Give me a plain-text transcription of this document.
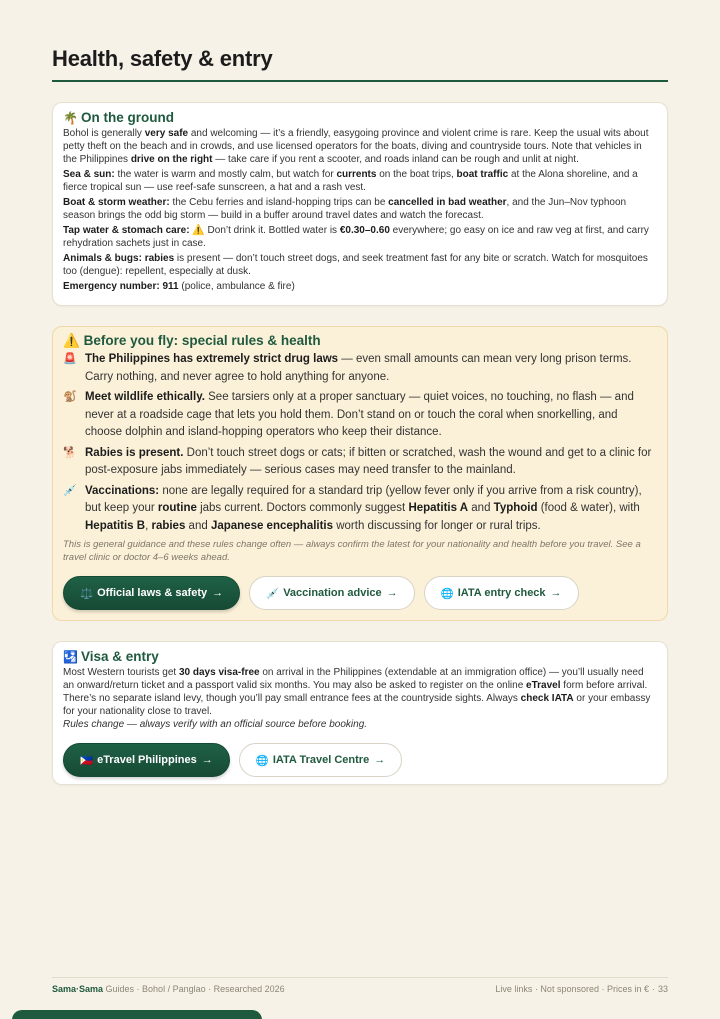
Health, safety & entry
🌴 On the ground

Bohol is generally very safe and welcoming — it’s a friendly, easygoing province and violent crime is rare. Keep the usual wits about petty theft on the beach and in crowds, and use licensed operators for the boats, diving and countryside tours. Note that vehicles in the Philippines drive on the right — take care if you rent a scooter, and roads inland can be rough and unlit at night.

Sea & sun: the water is warm and mostly calm, but watch for currents on the boat trips, boat traffic at the Alona shoreline, and a fierce tropical sun — use reef-safe sunscreen, a hat and a rash vest.

Boat & storm weather: the Cebu ferries and island-hopping trips can be cancelled in bad weather, and the Jun–Nov typhoon season brings the odd big storm — build in a buffer around travel dates and watch the forecast.

Tap water & stomach care: ⚠️ Don’t drink it. Bottled water is €0.30–0.60 everywhere; go easy on ice and raw veg at first, and carry rehydration sachets just in case.

Animals & bugs: rabies is present — don’t touch street dogs, and seek treatment fast for any bite or scratch. Watch for mosquitoes too (dengue): repellent, especially at dusk.

Emergency number: 911 (police, ambulance & fire)

⚠️ Before you fly: special rules & health
🚨 The Philippines has extremely strict drug laws — even small amounts can mean very long prison terms. Carry nothing, and never agree to hold anything for anyone.
🐒 Meet wildlife ethically. See tarsiers only at a proper sanctuary — quiet voices, no touching, no flash — and never at a roadside cage that lets you hold them. Don’t stand on or touch the coral when snorkelling, and choose dolphin and island-hopping operators who keep their distance.
🐕 Rabies is present. Don’t touch street dogs or cats; if bitten or scratched, wash the wound and get to a clinic for post-exposure jabs immediately — serious cases may need transfer to the mainland.
💉 Vaccinations: none are legally required for a standard trip (yellow fever only if you arrive from a risk country), but keep your routine jabs current. Doctors commonly suggest Hepatitis A and Typhoid (food & water), with Hepatitis B, rabies and Japanese encephalitis worth discussing for longer or rural trips.

This is general guidance and these rules change often — always confirm the latest for your nationality and health before you travel. See a travel clinic or doctor 4–6 weeks ahead.

⚖️ Official laws & safety →	💉 Vaccination advice →	🌐 IATA entry check →
🛂 Visa & entry

Most Western tourists get 30 days visa-free on arrival in the Philippines (extendable at an immigration office) — you’ll usually need an onward/return ticket and a passport valid six months. You may also be asked to register on the online eTravel form before arrival. There’s no separate island levy, though you’ll pay small entrance fees at the countryside sights. Always check IATA or your embassy for your nationality close to travel.

Rules change — always verify with an official source before booking.

🇵🇭 eTravel Philippines →	🌐 IATA Travel Centre →
Sama·Sama Guides · Bohol / Panglao · Researched 2026	Live links · Not sponsored · Prices in € · 33
